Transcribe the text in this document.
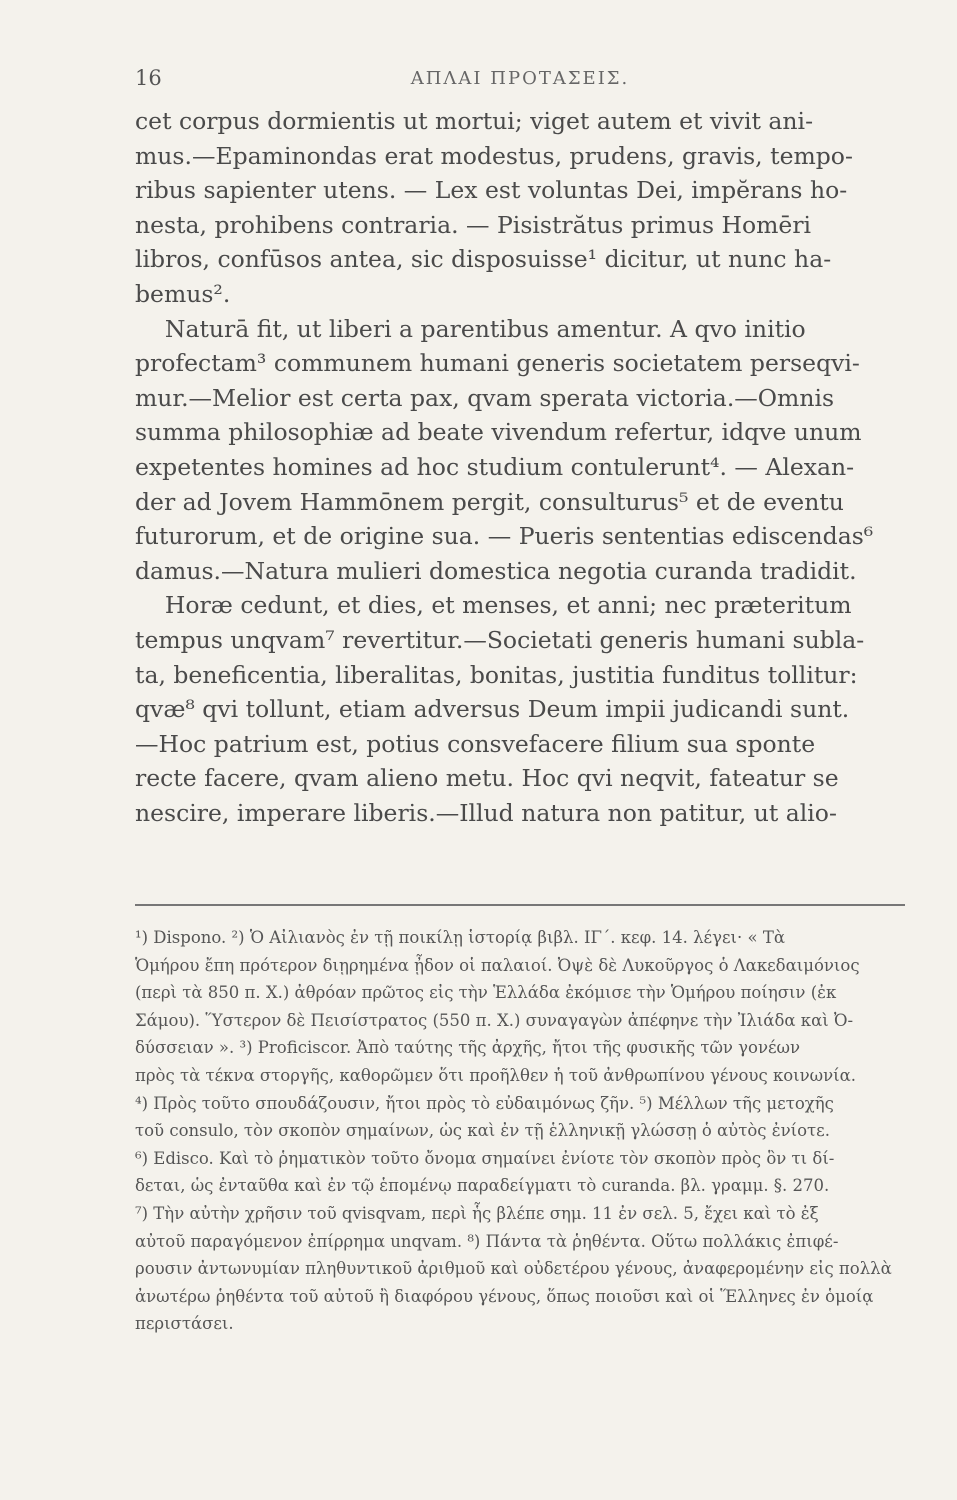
16	ΑΠΛΑΙ ΠΡΟΤΑΣΕΙΣ.
cet corpus dormientis ut mortui; viget autem et vivit ani-
mus.—Epaminondas erat modestus, prudens, gravis, tempo-
ribus sapienter utens. — Lex est voluntas Dei, impĕrans ho-
nesta, prohibens contraria. — Pisistrătus primus Homēri
libros, confūsos antea, sic disposuisse¹ dicitur, ut nunc ha-
bemus².
Naturā fit, ut liberi a parentibus amentur. A qvo initio
profectam³ communem humani generis societatem perseqvi-
mur.—Melior est certa pax, qvam sperata victoria.—Omnis
summa philosophiæ ad beate vivendum refertur, idqve unum
expetentes homines ad hoc studium contulerunt⁴. — Alexan-
der ad Jovem Hammōnem pergit, consulturus⁵ et de eventu
futurorum, et de origine sua. — Pueris sententias ediscendas⁶
damus.—Natura mulieri domestica negotia curanda tradidit.
Horæ cedunt, et dies, et menses, et anni; nec præteritum
tempus unqvam⁷ revertitur.—Societati generis humani subla-
ta, beneficentia, liberalitas, bonitas, justitia funditus tollitur:
qvæ⁸ qvi tollunt, etiam adversus Deum impii judicandi sunt.
—Hoc patrium est, potius consvefacere filium sua sponte
recte facere, qvam alieno metu. Hoc qvi neqvit, fateatur se
nescire, imperare liberis.—Illud natura non patitur, ut alio-
¹) Dispono. ²) Ὁ Αἰλιανὸς ἐν τῇ ποικίλῃ ἱστορίᾳ βιβλ. ΙΓ΄. κεφ. 14. λέγει· « Τὰ
Ὁμήρου ἔπη πρότερον διῃρημένα ᾖδον οἱ παλαιοί. Ὀψὲ δὲ Λυκοῦργος ὁ Λακεδαιμόνιος
(περὶ τὰ 850 π. Χ.) ἀθρόαν πρῶτος εἰς τὴν Ἑλλάδα ἐκόμισε τὴν Ὁμήρου ποίησιν (ἐκ
Σάμου). Ὕστερον δὲ Πεισίστρατος (550 π. Χ.) συναγαγὼν ἀπέφηνε τὴν Ἰλιάδα καὶ Ὀ-
δύσσειαν ». ³) Proficiscor. Ἀπὸ ταύτης τῆς ἀρχῆς, ἤτοι τῆς φυσικῆς τῶν γονέων
πρὸς τὰ τέκνα στοργῆς, καθορῶμεν ὅτι προῆλθεν ἡ τοῦ ἀνθρωπίνου γένους κοινωνία.
⁴) Πρὸς τοῦτο σπουδάζουσιν, ἤτοι πρὸς τὸ εὐδαιμόνως ζῆν. ⁵) Μέλλων τῆς μετοχῆς
τοῦ consulo, τὸν σκοπὸν σημαίνων, ὡς καὶ ἐν τῇ ἑλληνικῇ γλώσσῃ ὁ αὐτὸς ἐνίοτε.
⁶) Edisco. Καὶ τὸ ῥηματικὸν τοῦτο ὄνομα σημαίνει ἐνίοτε τὸν σκοπὸν πρὸς ὃν τι δί-
δεται, ὡς ἐνταῦθα καὶ ἐν τῷ ἑπομένῳ παραδείγματι τὸ curanda. βλ. γραμμ. §. 270.
⁷) Τὴν αὐτὴν χρῆσιν τοῦ qvisqvam, περὶ ἧς βλέπε σημ. 11 ἐν σελ. 5, ἔχει καὶ τὸ ἐξ
αὐτοῦ παραγόμενον ἐπίρρημα unqvam. ⁸) Πάντα τὰ ῥηθέντα. Οὕτω πολλάκις ἐπιφέ-
ρουσιν ἀντωνυμίαν πληθυντικοῦ ἀριθμοῦ καὶ οὐδετέρου γένους, ἀναφερομένην εἰς πολλὰ
ἀνωτέρω ῥηθέντα τοῦ αὐτοῦ ἢ διαφόρου γένους, ὅπως ποιοῦσι καὶ οἱ Ἕλληνες ἐν ὁμοίᾳ
περιστάσει.
